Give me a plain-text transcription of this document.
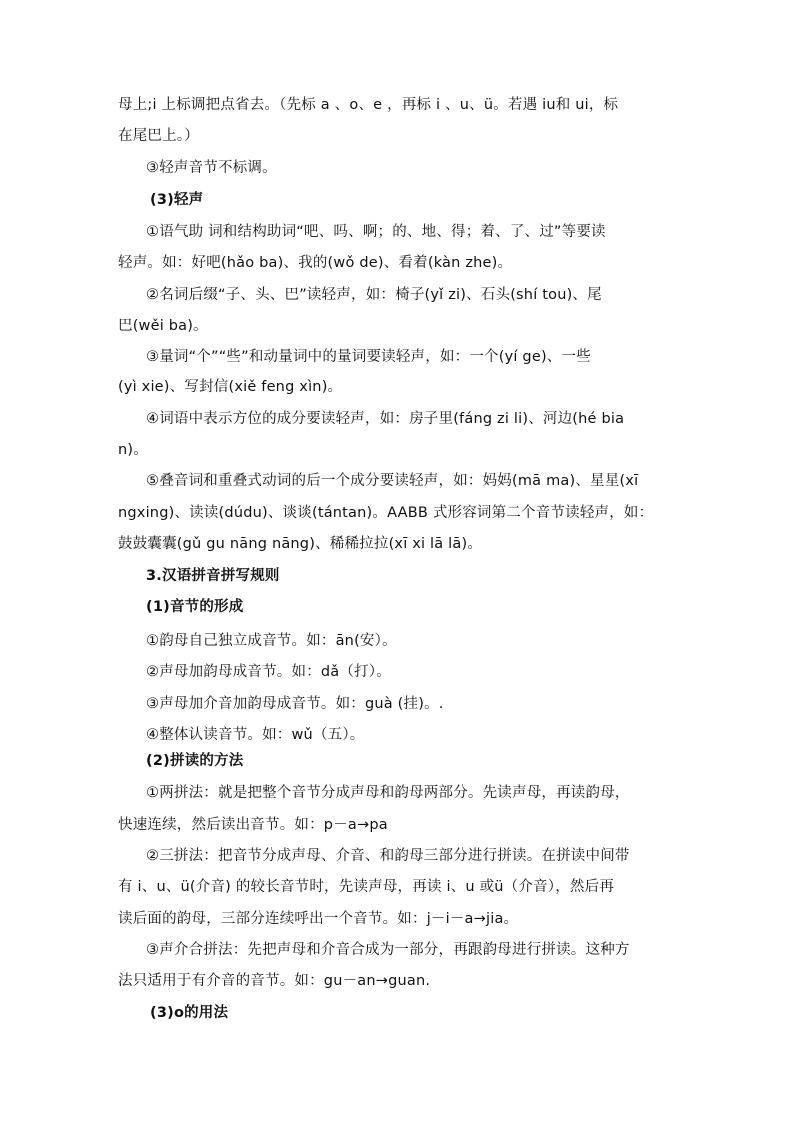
母上;i 上标调把点省去。（先标 a 、o、e ，再标 i 、u、ü。若遇 iu和 ui，标
在尾巴上。）
③轻声音节不标调。
(3)轻声
①语气助 词和结构助词“吧、吗、啊；的、地、得；着、了、过”等要读
轻声。如：好吧(hǎo ba)、我的(wǒ de)、看着(kàn zhe)。
②名词后缀“子、头、巴”读轻声，如：椅子(yǐ zi)、石头(shí tou)、尾
巴(wěi ba)。
③量词“个”“些”和动量词中的量词要读轻声，如：一个(yí ge)、一些
(yì xie)、写封信(xiě feng xìn)。
④词语中表示方位的成分要读轻声，如：房子里(fáng zi li)、河边(hé bia
n)。
⑤叠音词和重叠式动词的后一个成分要读轻声，如：妈妈(mā ma)、星星(xī
ngxing)、读读(dúdu)、谈谈(tántan)。AABB 式形容词第二个音节读轻声，如：
鼓鼓囊囊(gǔ gu nāng nāng)、稀稀拉拉(xī xi lā lā)。
3.汉语拼音拼写规则
(1)音节的形成
①韵母自己独立成音节。如：ān(安）。
②声母加韵母成音节。如：dǎ（打）。
③声母加介音加韵母成音节。如：guà (挂)。.
④整体认读音节。如：wǔ（五）。
(2)拼读的方法
①两拼法：就是把整个音节分成声母和韵母两部分。先读声母，再读韵母，
快速连续，然后读出音节。如：p－a→pa
②三拼法：把音节分成声母、介音、和韵母三部分进行拼读。在拼读中间带
有 i、u、ü(介音) 的较长音节时，先读声母，再读 i、u 或ü（介音），然后再
读后面的韵母，三部分连续呼出一个音节。如：j－i－a→jia。
③声介合拼法：先把声母和介音合成为一部分，再跟韵母进行拼读。这种方
法只适用于有介音的音节。如：gu－an→guan.
(3)o的用法
